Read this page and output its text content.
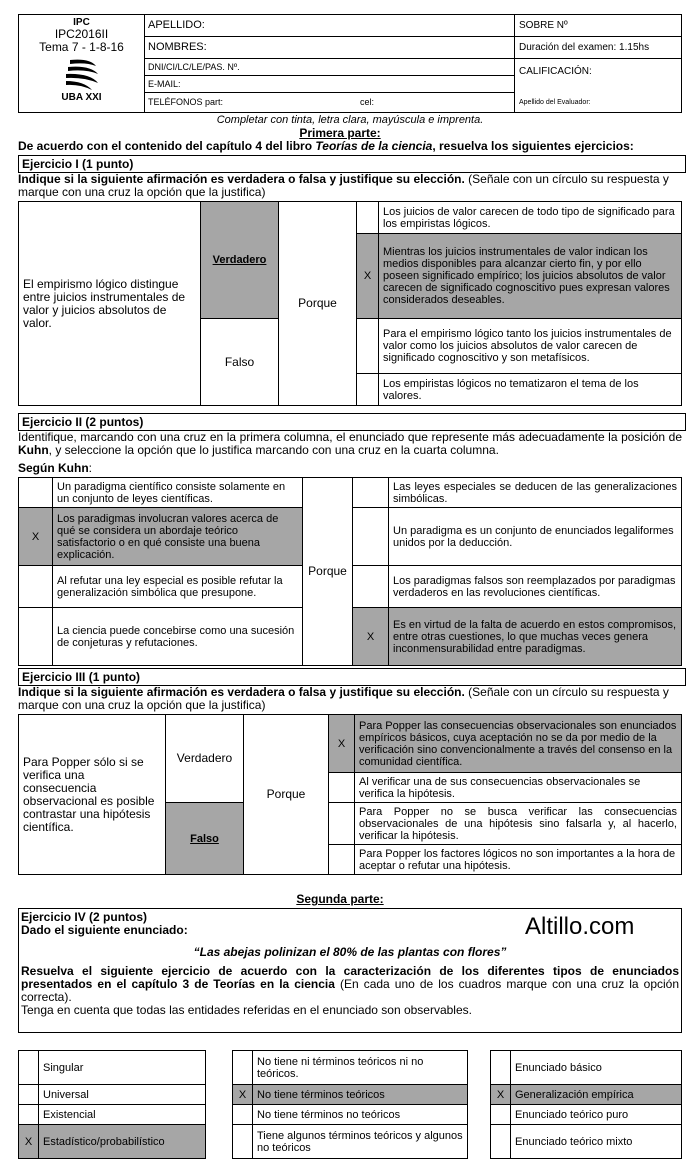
IPC
IPC2016II
Tema 7 - 1-8-16
UBA XXI
APELLIDO:
NOMBRES:
DNI/CI/LC/LE/PAS. Nº.
E-MAIL:
TELÉFONOS part:	cel:
SOBRE Nº
Duración del examen: 1.15hs
CALIFICACIÓN:
Apellido del Evaluador:
Completar con tinta, letra clara, mayúscula e imprenta.
Primera parte:
De acuerdo con el contenido del capítulo 4 del libro Teorías de la ciencia, resuelva los siguientes ejercicios:
Ejercicio I (1 punto)
Indique si la siguiente afirmación es verdadera o falsa y justifique su elección. (Señale con un círculo su respuesta y marque con una cruz la opción que la justifica)
El empirismo lógico distingue entre juicios instrumentales de valor y juicios absolutos de valor.	Verdadero	Porque		Los juicios de valor carecen de todo tipo de significado para los empiristas lógicos.
			X	Mientras los juicios instrumentales de valor indican los medios disponibles para alcanzar cierto fin, y por ello poseen significado empírico; los juicios absolutos de valor carecen de significado cognoscitivo pues expresan valores considerados deseables.
	Falso			Para el empirismo lógico tanto los juicios instrumentales de valor como los juicios absolutos de valor carecen de significado cognoscitivo y son metafísicos.
				Los empiristas lógicos no tematizaron el tema de los valores.
Ejercicio II (2 puntos)
Identifique, marcando con una cruz en la primera columna, el enunciado que represente más adecuadamente la posición de Kuhn, y seleccione la opción que lo justifica marcando con una cruz en la cuarta columna.
Según Kuhn:
	Un paradigma científico consiste solamente en un conjunto de leyes científicas.	Porque		Las leyes especiales se deducen de las generalizaciones simbólicas.
X	Los paradigmas involucran valores acerca de qué se considera un abordaje teórico satisfactorio o en qué consiste una buena explicación.			Un paradigma es un conjunto de enunciados legaliformes unidos por la deducción.
	Al refutar una ley especial es posible refutar la generalización simbólica que presupone.			Los paradigmas falsos son reemplazados por paradigmas verdaderos en las revoluciones científicas.
	La ciencia puede concebirse como una sucesión de conjeturas y refutaciones.		X	Es en virtud de la falta de acuerdo en estos compromisos, entre otras cuestiones, lo que muchas veces genera inconmensurabilidad entre paradigmas.
Ejercicio III (1 punto)
Indique si la siguiente afirmación es verdadera o falsa y justifique su elección. (Señale con un círculo su respuesta y marque con una cruz la opción que la justifica)
Para Popper sólo si se verifica una consecuencia observacional es posible contrastar una hipótesis científica.	Verdadero	Porque	X	Para Popper las consecuencias observacionales son enunciados empíricos básicos, cuya aceptación no se da por medio de la verificación sino convencionalmente a través del consenso en la comunidad científica.
				Al verificar una de sus consecuencias observacionales se verifica la hipótesis.
	Falso			Para Popper no se busca verificar las consecuencias observacionales de una hipótesis sino falsarla y, al hacerlo, verificar la hipótesis.
				Para Popper los factores lógicos no son importantes a la hora de aceptar o refutar una hipótesis.
Segunda parte:
Ejercicio IV (2 puntos)
Dado el siguiente enunciado:	Altillo.com
“Las abejas polinizan el 80% de las plantas con flores”
Resuelva el siguiente ejercicio de acuerdo con la caracterización de los diferentes tipos de enunciados presentados en el capítulo 3 de Teorías en la ciencia (En cada uno de los cuadros marque con una cruz la opción correcta).
Tenga en cuenta que todas las entidades referidas en el enunciado son observables.
	Singular
	Universal
	Existencial
X	Estadístico/probabilístico
	No tiene ni términos teóricos ni no teóricos.
X	No tiene términos teóricos
	No tiene términos no teóricos
	Tiene algunos términos teóricos y algunos no teóricos
	Enunciado básico
X	Generalización empírica
	Enunciado teórico puro
	Enunciado teórico mixto
